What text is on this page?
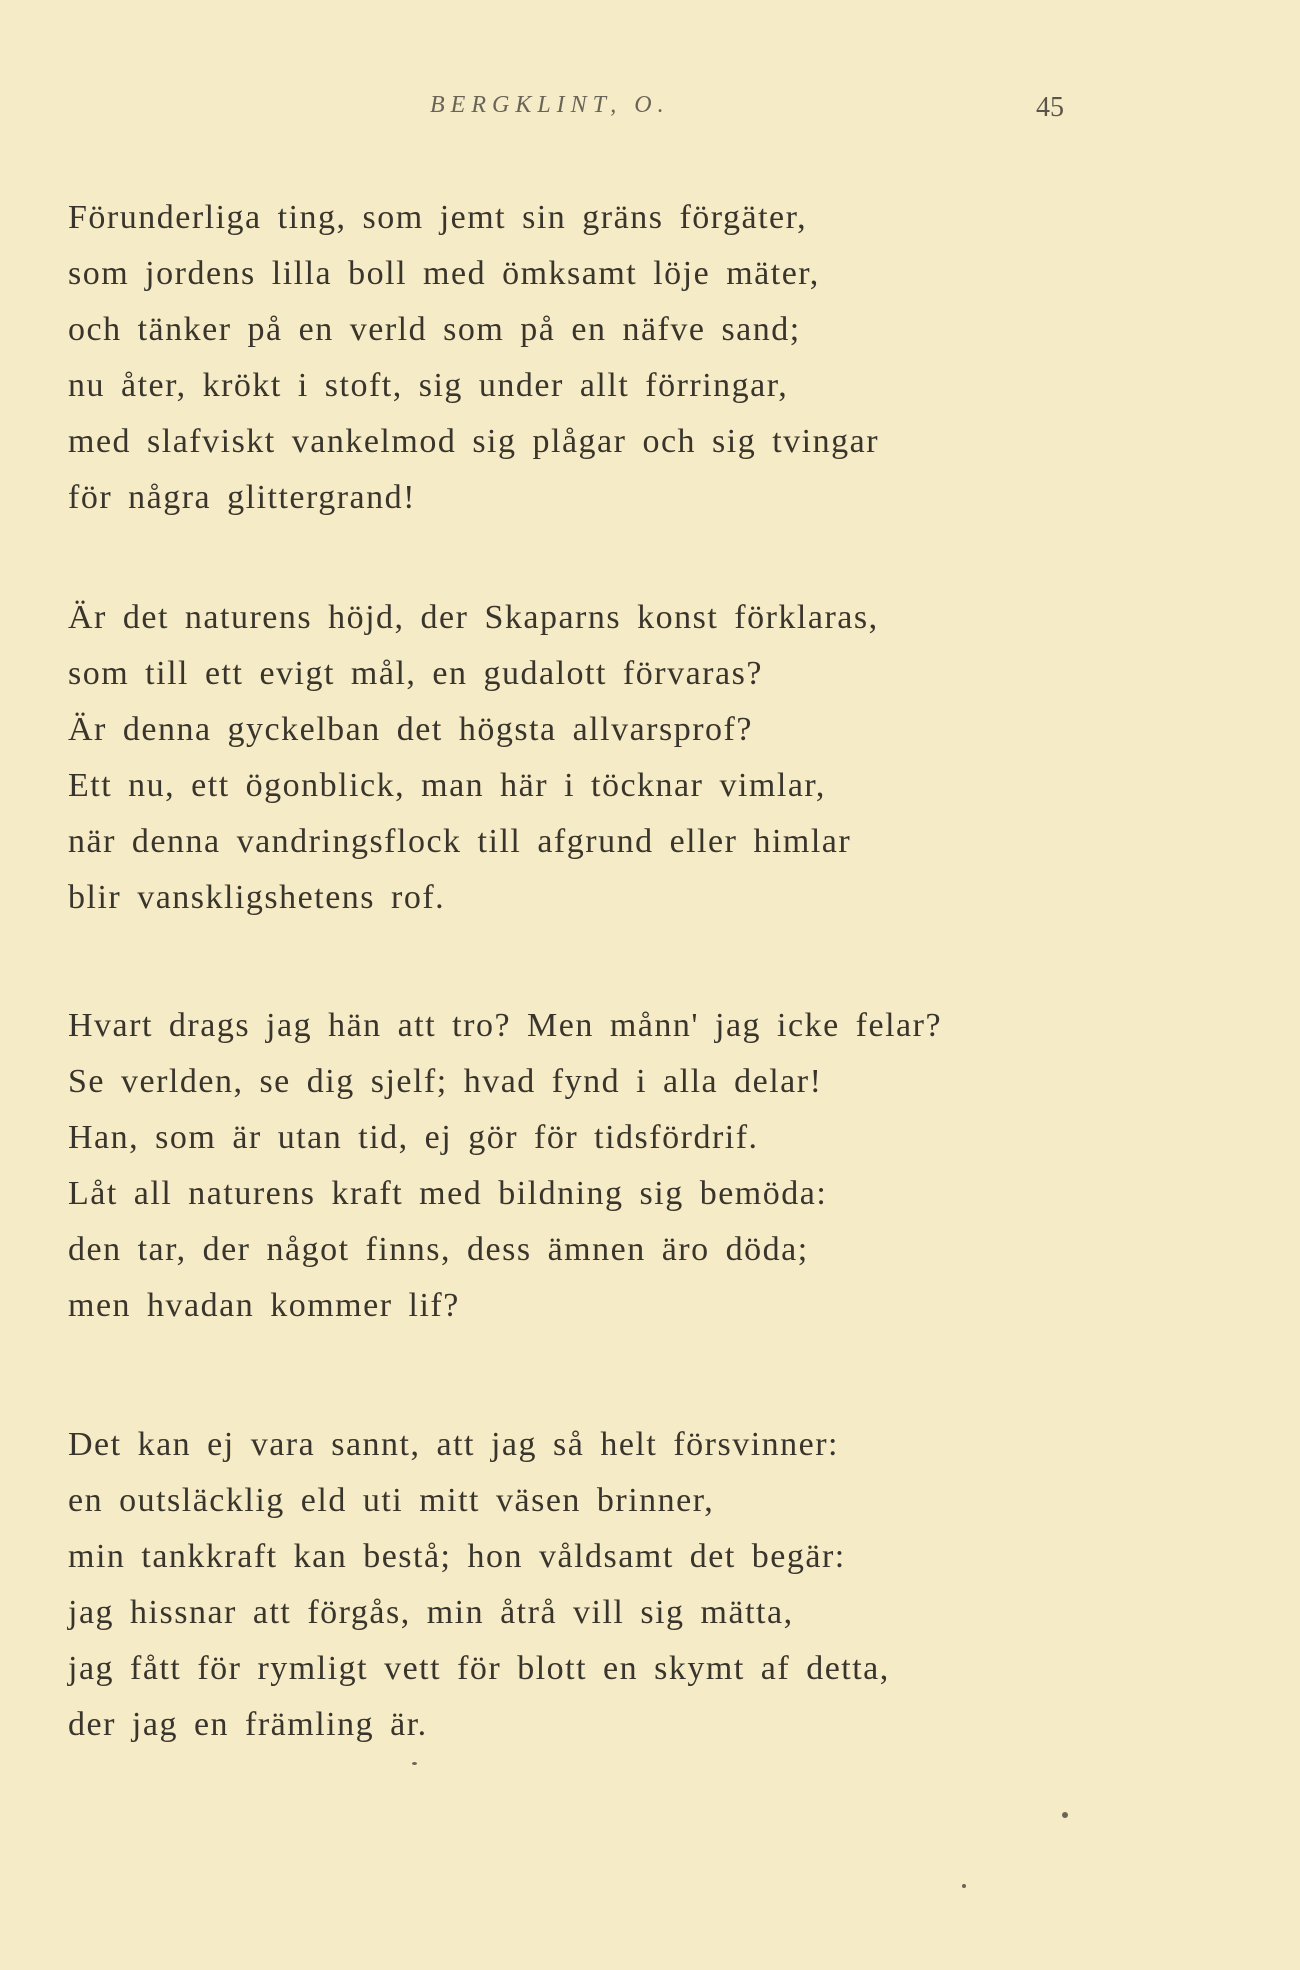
BERGKLINT, O.	45
Förunderliga ting, som jemt sin gräns förgäter,
som jordens lilla boll med ömksamt löje mäter,
och tänker på en verld som på en näfve sand;
nu åter, krökt i stoft, sig under allt förringar,
med slafviskt vankelmod sig plågar och sig tvingar
för några glittergrand!
Är det naturens höjd, der Skaparns konst förklaras,
som till ett evigt mål, en gudalott förvaras?
Är denna gyckelban det högsta allvarsprof?
Ett nu, ett ögonblick, man här i töcknar vimlar,
när denna vandringsflock till afgrund eller himlar
blir vanskligshetens rof.
Hvart drags jag hän att tro? Men månn' jag icke felar?
Se verlden, se dig sjelf; hvad fynd i alla delar!
Han, som är utan tid, ej gör för tidsfördrif.
Låt all naturens kraft med bildning sig bemöda:
den tar, der något finns, dess ämnen äro döda;
men hvadan kommer lif?
Det kan ej vara sannt, att jag så helt försvinner:
en outsläcklig eld uti mitt väsen brinner,
min tankkraft kan bestå; hon våldsamt det begär:
jag hissnar att förgås, min åtrå vill sig mätta,
jag fått för rymligt vett för blott en skymt af detta,
der jag en främling är.
